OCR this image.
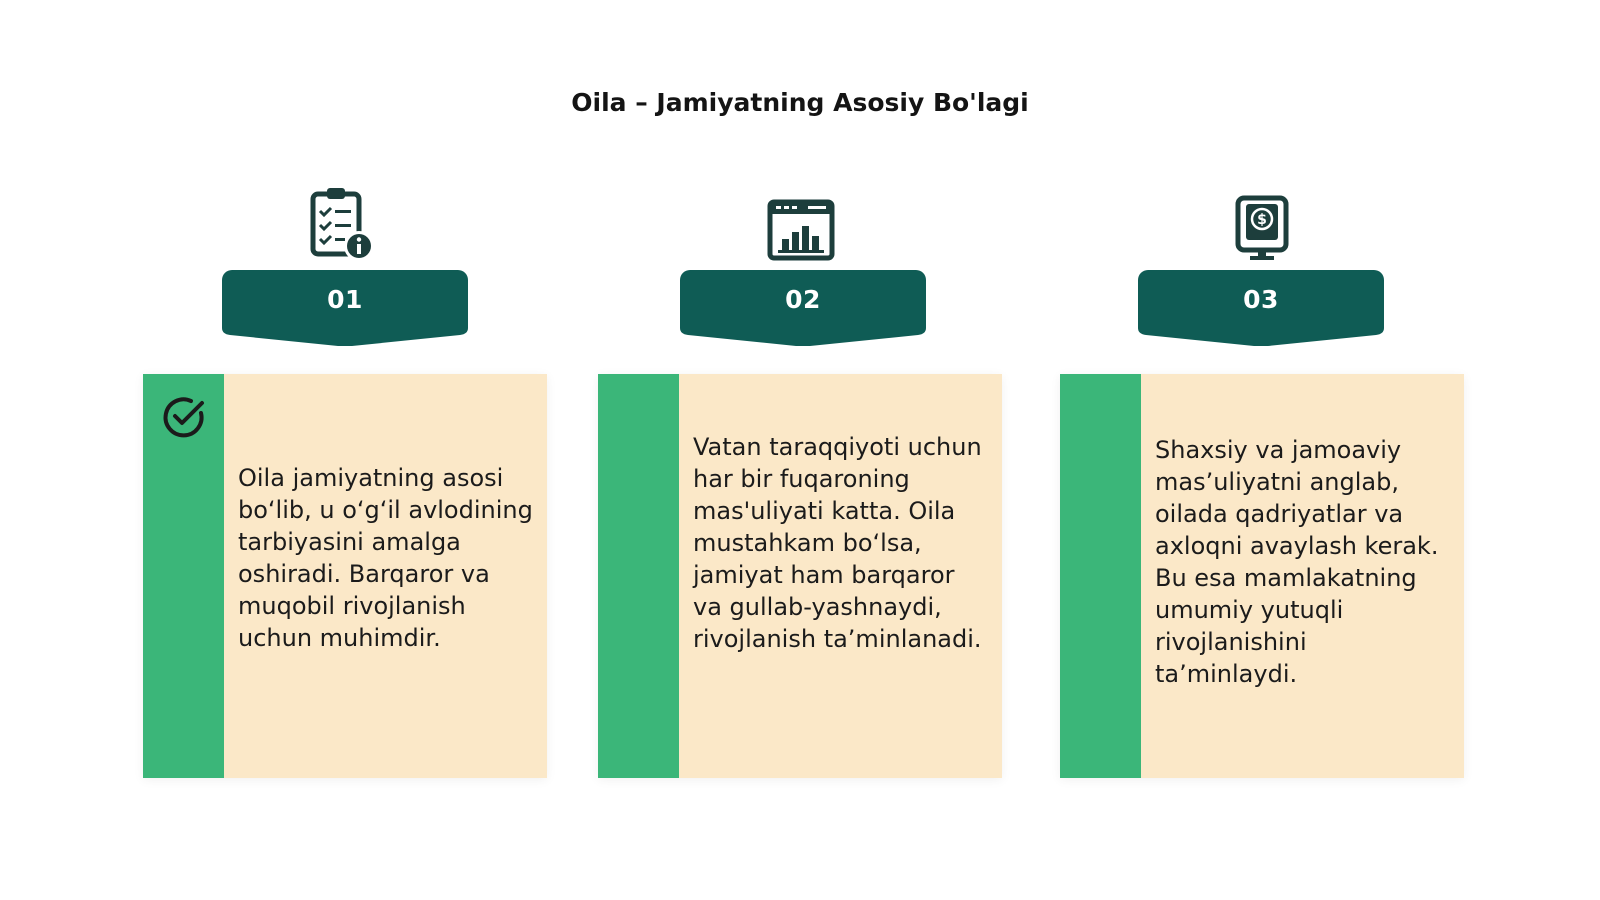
Oila – Jamiyatning Asosiy Bo'lagi
$
01	02	03
Oila jamiyatning asosi bo‘lib, u o‘g‘il avlodining tarbiyasini amalga oshiradi. Barqaror va muqobil rivojlanish uchun muhimdir.
Vatan taraqqiyoti uchun har bir fuqaroning mas'uliyati katta. Oila mustahkam bo‘lsa, jamiyat ham barqaror va gullab-yashnaydi, rivojlanish ta’minlanadi.
Shaxsiy va jamoaviy mas’uliyatni anglab, oilada qadriyatlar va axloqni avaylash kerak. Bu esa mamlakatning umumiy yutuqli rivojlanishini ta’minlaydi.
